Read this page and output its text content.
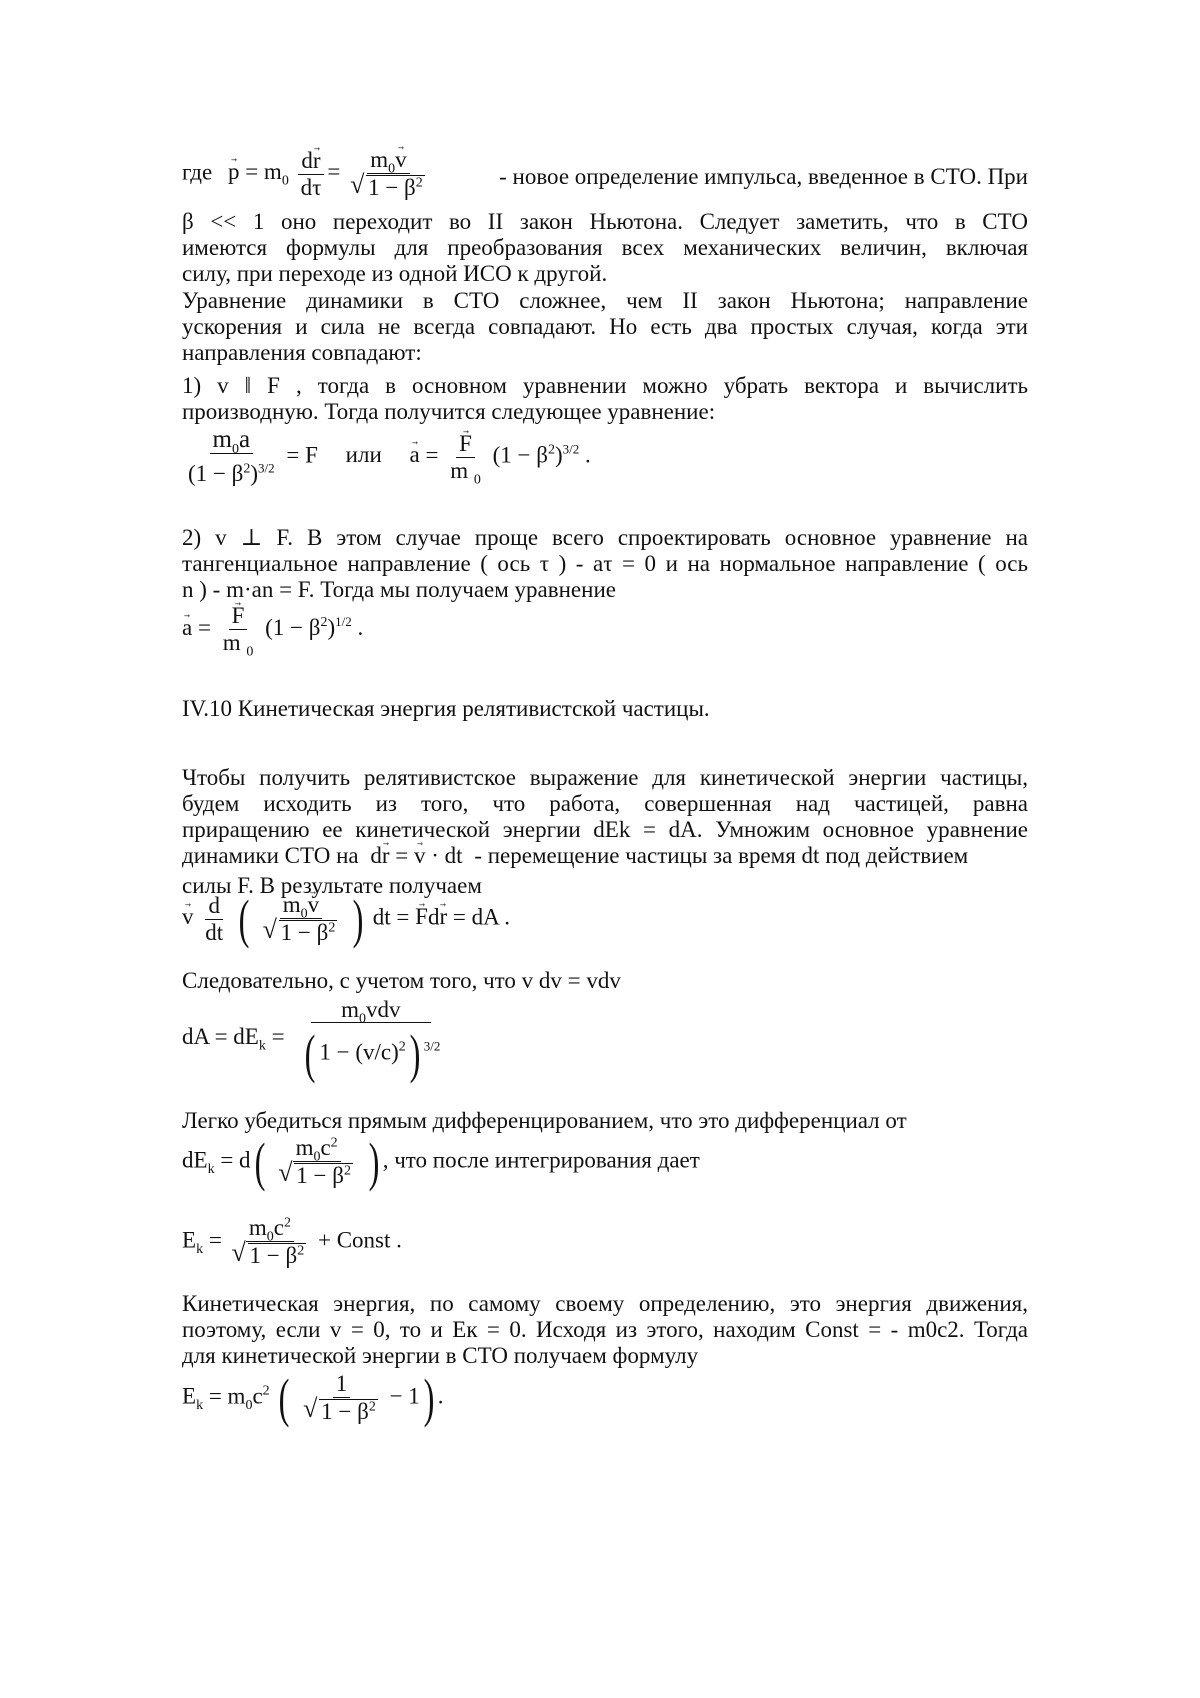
где → $p = m_0 \frac{d\to r}{d\tau} = m_0\to v$
√ $1 - \beta^2$	- новое определение импульса, введенное в СТО. При
β << 1 оно переходит во II закон Ньютона. Следует заметить, что в СТО
имеются формулы для преобразования всех механических величин, включая
силу, при переходе из одной ИСО к другой.
Уравнение динамики в СТО сложнее, чем II закон Ньютона; направление
ускорения и сила не всегда совпадают. Но есть два простых случая, когда эти
направления совпадают:
1) v ‖ F , тогда в основном уравнении можно убрать вектора и вычислить
производную. Тогда получится следующее уравнение:
$\frac{m_0a}{(1 - \beta^2)^{3/2}} = F$ или → a = → $\frac{F}{m _0} (1 - \beta^2)^{3/2}$ .
2) v ⊥ F. В этом случае проще всего спроектировать основное уравнение на
тангенциальное направление ( ось τ ) - aτ = 0 и на нормальное направление ( ось
n ) - m·an = F. Тогда мы получаем уравнение
→ a = → $\frac{F}{m _0} (1 - \beta^2)^{1/2}$ .
IV.10 Кинетическая энергия релятивистской частицы.
Чтобы получить релятивистское выражение для кинетической энергии частицы,
будем исходить из того, что работа, совершенная над частицей, равна
приращению ее кинетической энергии dEk = dA. Умножим основное уравнение
динамики СТО на d→ r = → v · dt - перемещение частицы за время dt под действием
силы F. В результате получаем
→ v $\frac{d}{dt}$ ( $m_0\to v$
√ $1 - \beta^2$ ) dt = → Fd→ r = dA .
Следовательно, с учетом того, что v dv = vdv
dA = $dE_k = \frac{m_0vdv}{( 1 - (v/c)^2) ^{3/2}}$
Легко убедиться прямым дифференцированием, что это дифференциал от
$dE_k = d$( $m_0c^2$
√ $1 - \beta^2$ ) , что после интегрирования дает
$E_k = m_0c^2$
√ $1 - \beta^2$ + Const .
Кинетическая энергия, по самому своему определению, это энергия движения,
поэтому, если v = 0, то и Eк = 0. Исходя из этого, находим Const = - m0c2. Тогда
для кинетической энергии в СТО получаем формулу
$E_k = m_0c^2$ ( 1
√ $1 - \beta^2 - 1$) .
